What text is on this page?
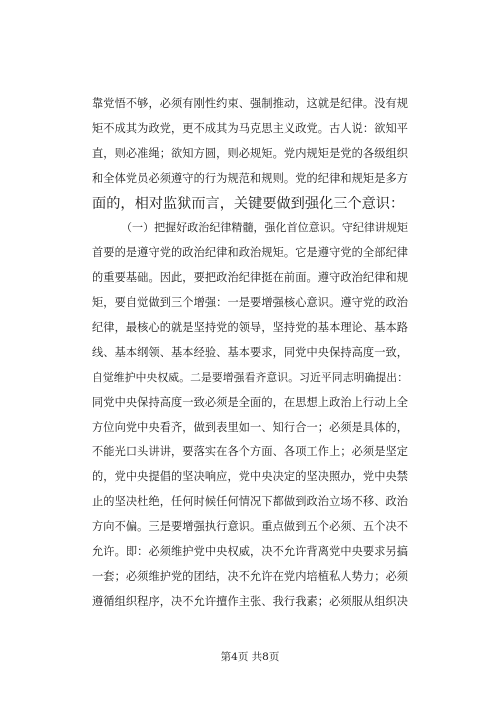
靠党悟不够，必须有刚性约束、强制推动，这就是纪律。没有规
矩不成其为政党，更不成其为马克思主义政党。古人说：欲知平
直，则必准绳；欲知方圆，则必规矩。党内规矩是党的各级组织
和全体党员必须遵守的行为规范和规则。党的纪律和规矩是多方
面的，相对监狱而言，关键要做到强化三个意识：
（一）把握好政治纪律精髓，强化首位意识。守纪律讲规矩
首要的是遵守党的政治纪律和政治规矩。它是遵守党的全部纪律
的重要基础。因此，要把政治纪律挺在前面。遵守政治纪律和规
矩，要自觉做到三个增强：一是要增强核心意识。遵守党的政治
纪律，最核心的就是坚持党的领导，坚持党的基本理论、基本路
线、基本纲领、基本经验、基本要求，同党中央保持高度一致，
自觉维护中央权威。二是要增强看齐意识。习近平同志明确提出：
同党中央保持高度一致必须是全面的，在思想上政治上行动上全
方位向党中央看齐，做到表里如一、知行合一；必须是具体的，
不能光口头讲讲，要落实在各个方面、各项工作上；必须是坚定
的，党中央提倡的坚决响应，党中央决定的坚决照办，党中央禁
止的坚决杜绝，任何时候任何情况下都做到政治立场不移、政治
方向不偏。三是要增强执行意识。重点做到五个必须、五个决不
允许。即：必须维护党中央权威，决不允许背离党中央要求另搞
一套；必须维护党的团结，决不允许在党内培植私人势力；必须
遵循组织程序，决不允许擅作主张、我行我素；必须服从组织决
第4页 共8页
